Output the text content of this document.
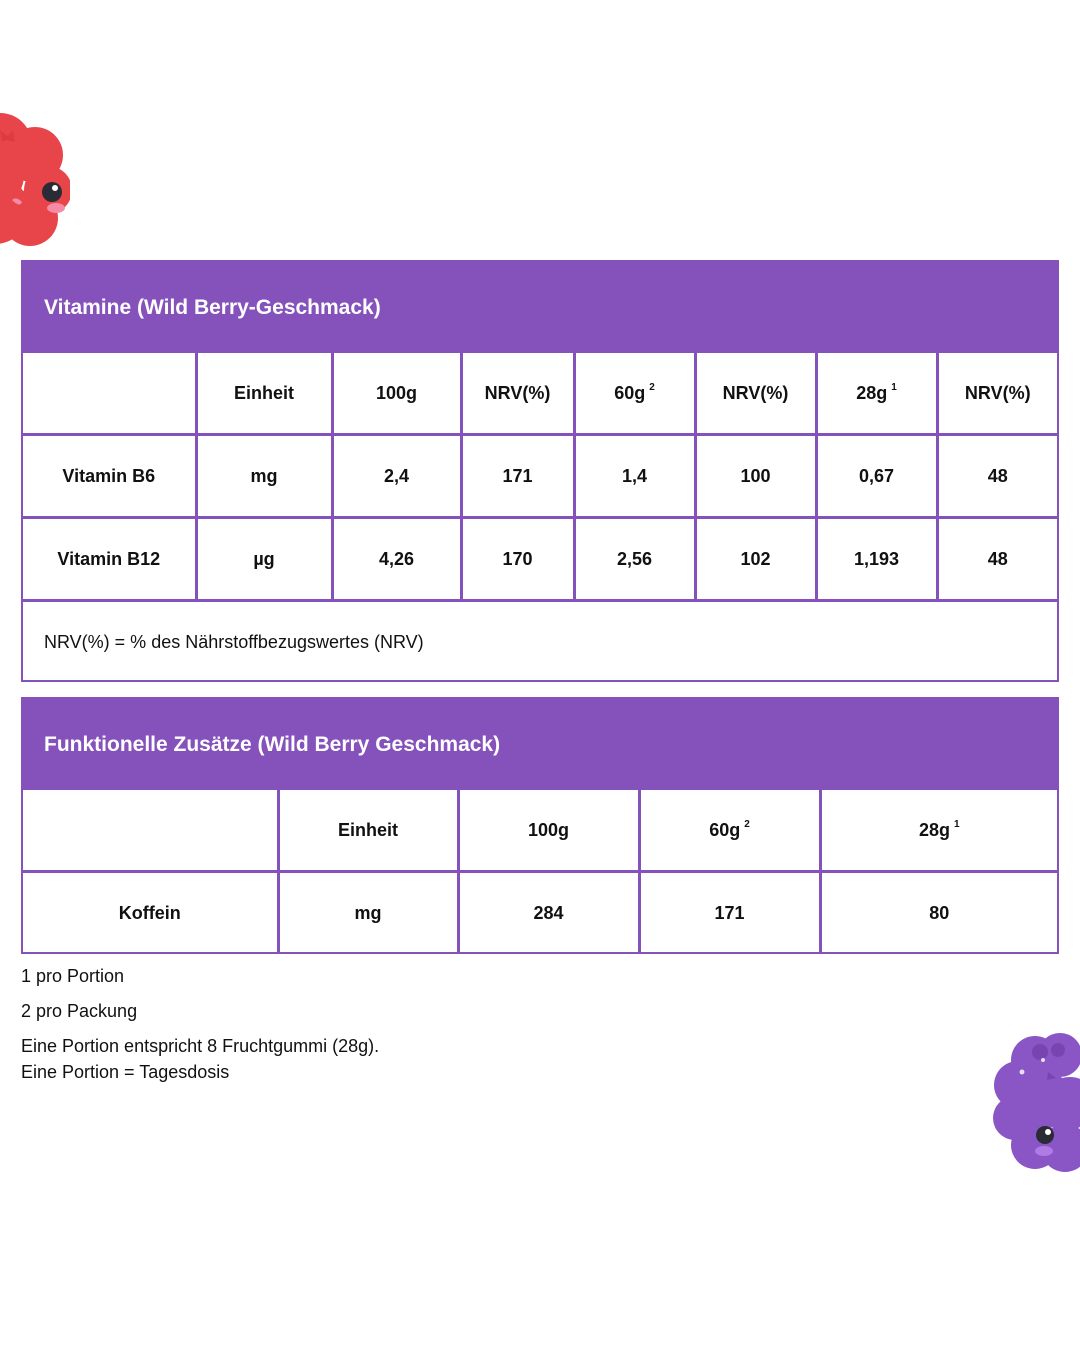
Vitamine (Wild Berry-Geschmack)
	Einheit	100g	NRV(%)	60g $^2$	NRV(%)	28g $^1$	NRV(%)
Vitamin B6	mg	2,4	171	1,4	100	0,67	48
Vitamin B12	µg	4,26	170	2,56	102	1,193	48
NRV(%) = % des Nährstoffbezugswertes (NRV)							
Funktionelle Zusätze (Wild Berry Geschmack)
	Einheit	100g	60g $^2$	28g $^1$
Koffein	mg	284	171	80
1 pro Portion
2 pro Packung
Eine Portion entspricht 8 Fruchtgummi (28g).
Eine Portion = Tagesdosis
